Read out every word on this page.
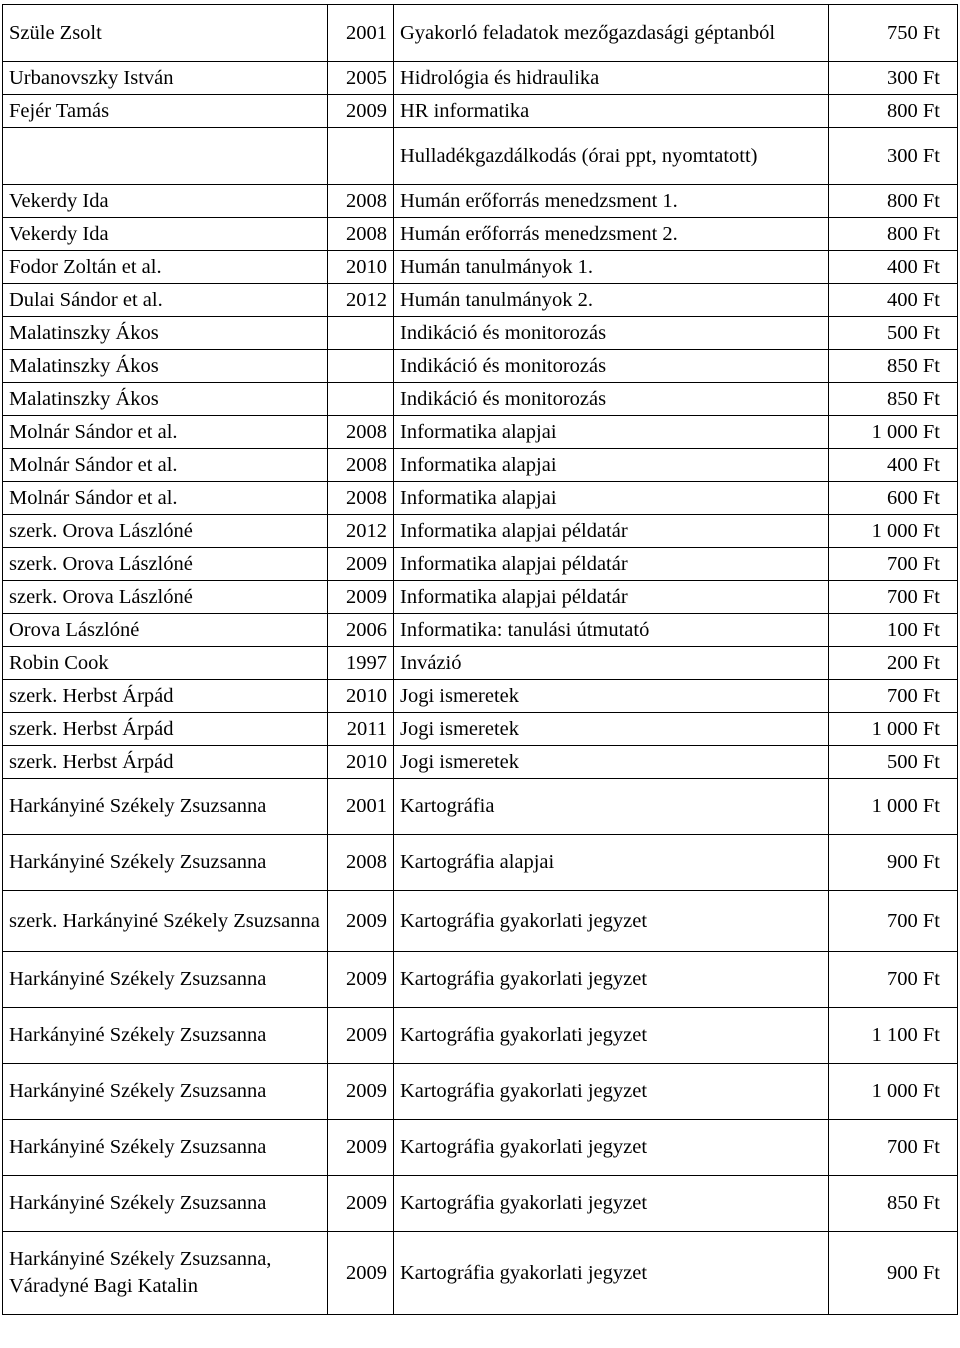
Szüle Zsolt	2001	Gyakorló feladatok mezőgazdasági géptanból	750 Ft
Urbanovszky István	2005	Hidrológia és hidraulika	300 Ft
Fejér Tamás	2009	HR informatika	800 Ft
		Hulladékgazdálkodás (órai ppt, nyomtatott)	300 Ft
Vekerdy Ida	2008	Humán erőforrás menedzsment 1.	800 Ft
Vekerdy Ida	2008	Humán erőforrás menedzsment 2.	800 Ft
Fodor Zoltán et al.	2010	Humán tanulmányok 1.	400 Ft
Dulai Sándor et al.	2012	Humán tanulmányok 2.	400 Ft
Malatinszky Ákos		Indikáció és monitorozás	500 Ft
Malatinszky Ákos		Indikáció és monitorozás	850 Ft
Malatinszky Ákos		Indikáció és monitorozás	850 Ft
Molnár Sándor et al.	2008	Informatika alapjai	1 000 Ft
Molnár Sándor et al.	2008	Informatika alapjai	400 Ft
Molnár Sándor et al.	2008	Informatika alapjai	600 Ft
szerk. Orova Lászlóné	2012	Informatika alapjai példatár	1 000 Ft
szerk. Orova Lászlóné	2009	Informatika alapjai példatár	700 Ft
szerk. Orova Lászlóné	2009	Informatika alapjai példatár	700 Ft
Orova Lászlóné	2006	Informatika: tanulási útmutató	100 Ft
Robin Cook	1997	Invázió	200 Ft
szerk. Herbst Árpád	2010	Jogi ismeretek	700 Ft
szerk. Herbst Árpád	2011	Jogi ismeretek	1 000 Ft
szerk. Herbst Árpád	2010	Jogi ismeretek	500 Ft
Harkányiné Székely Zsuzsanna	2001	Kartográfia	1 000 Ft
Harkányiné Székely Zsuzsanna	2008	Kartográfia alapjai	900 Ft
szerk. Harkányiné Székely Zsuzsanna	2009	Kartográfia gyakorlati jegyzet	700 Ft
Harkányiné Székely Zsuzsanna	2009	Kartográfia gyakorlati jegyzet	700 Ft
Harkányiné Székely Zsuzsanna	2009	Kartográfia gyakorlati jegyzet	1 100 Ft
Harkányiné Székely Zsuzsanna	2009	Kartográfia gyakorlati jegyzet	1 000 Ft
Harkányiné Székely Zsuzsanna	2009	Kartográfia gyakorlati jegyzet	700 Ft
Harkányiné Székely Zsuzsanna	2009	Kartográfia gyakorlati jegyzet	850 Ft
Harkányiné Székely Zsuzsanna, Váradyné Bagi Katalin	2009	Kartográfia gyakorlati jegyzet	900 Ft
